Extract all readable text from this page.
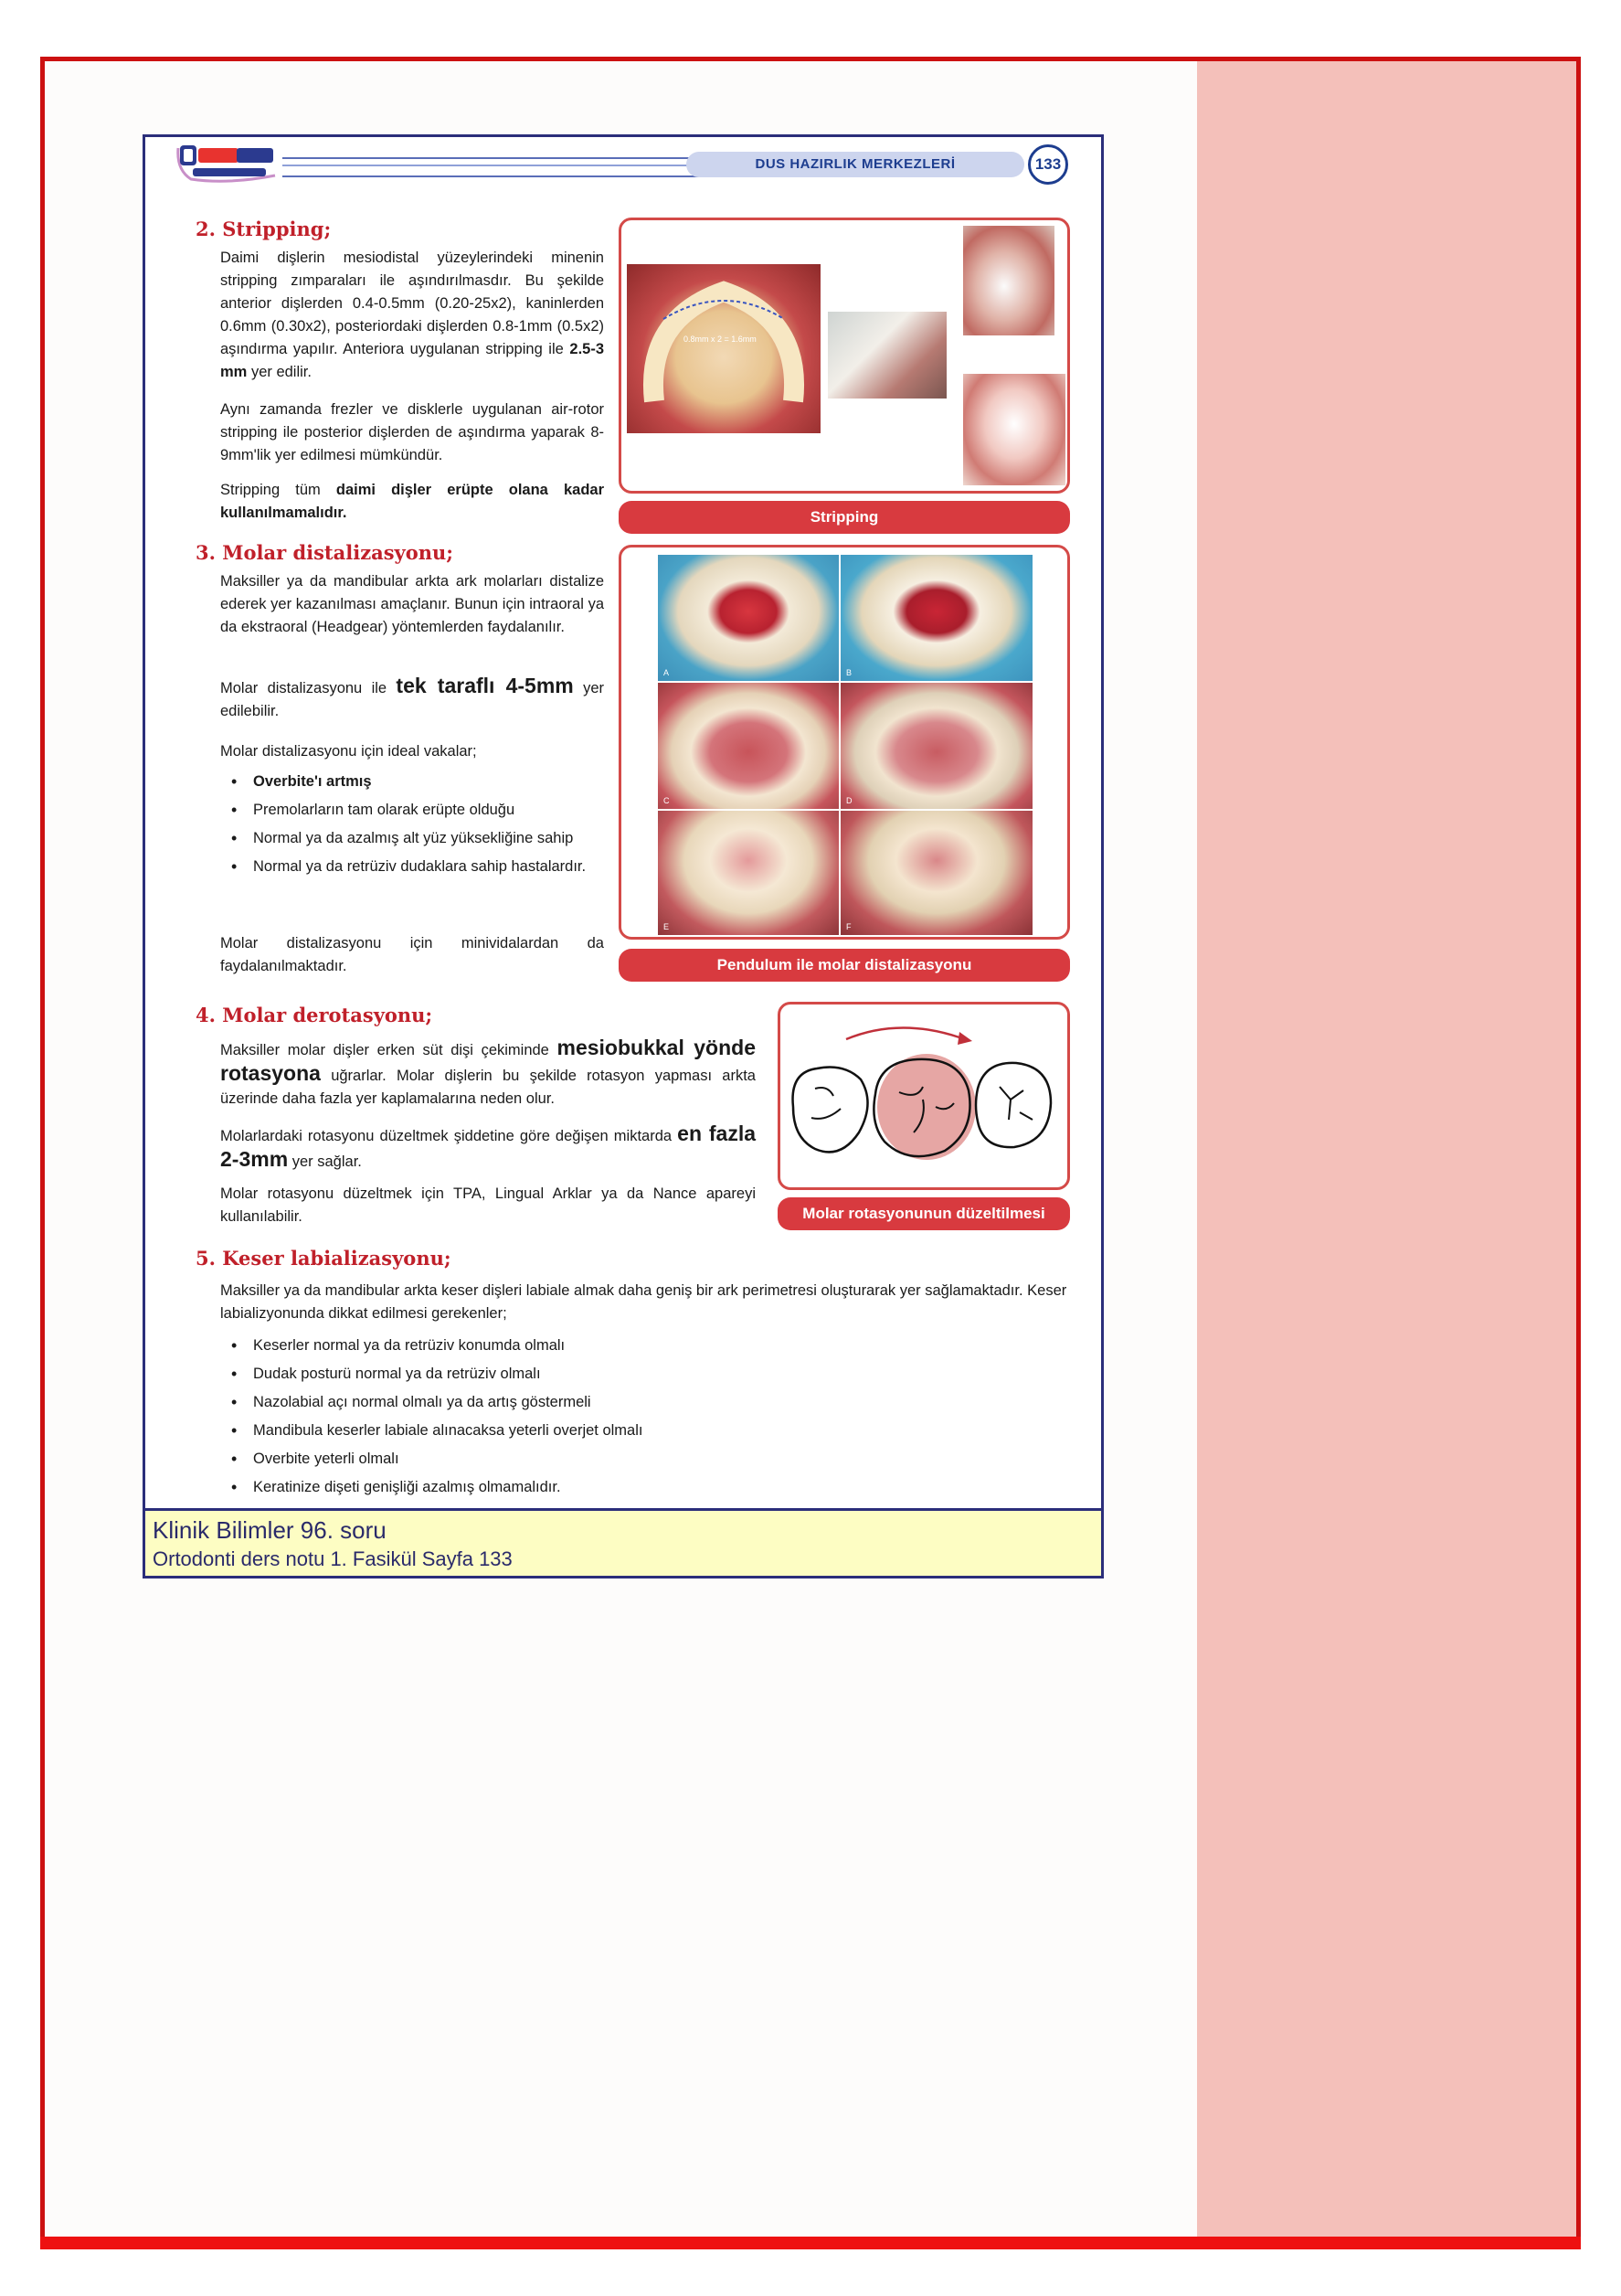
DUS HAZIRLIK MERKEZLERİ	133
2. Stripping;
Daimi dişlerin mesiodistal yüzeylerindeki minenin stripping zımparaları ile aşındırılmasdır. Bu şekilde anterior dişlerden 0.4-0.5mm (0.20-25x2), kaninlerden 0.6mm (0.30x2), posteriordaki dişlerden 0.8-1mm (0.5x2) aşındırma yapılır. Anteriora uygulanan stripping ile 2.5-3 mm yer edilir.
Aynı zamanda frezler ve disklerle uygulanan air-rotor stripping ile posterior dişlerden de aşındırma yaparak 8-9mm'lik yer edilmesi mümkündür.
Stripping tüm daimi dişler erüpte olana kadar kullanılmamalıdır.
0.8mm x 2 = 1.6mm
Stripping
3. Molar distalizasyonu;
Maksiller ya da mandibular arkta ark molarları distalize ederek yer kazanılması amaçlanır. Bunun için intraoral ya da ekstraoral (Headgear) yöntemlerden faydalanılır.
Molar distalizasyonu ile tek taraflı 4-5mm yer edilebilir.
Molar distalizasyonu için ideal vakalar;
• Overbite'ı artmış
• Premolarların tam olarak erüpte olduğu
• Normal ya da azalmış alt yüz yüksekliğine sahip
• Normal ya da retrüziv dudaklara sahip hastalardır.
Molar distalizasyonu için minividalardan da faydalanılmaktadır.
A	B
C	D
E	F
Pendulum ile molar distalizasyonu
4. Molar derotasyonu;
Maksiller molar dişler erken süt dişi çekiminde mesiobukkal yönde rotasyona uğrarlar. Molar dişlerin bu şekilde rotasyon yapması arkta üzerinde daha fazla yer kaplamalarına neden olur.
Molarlardaki rotasyonu düzeltmek şiddetine göre değişen miktarda en fazla 2-3mm yer sağlar.
Molar rotasyonu düzeltmek için TPA, Lingual Arklar ya da Nance apareyi kullanılabilir.	Molar rotasyonunun düzeltilmesi
5. Keser labializasyonu;
Maksiller ya da mandibular arkta keser dişleri labiale almak daha geniş bir ark perimetresi oluşturarak yer sağlamaktadır. Keser labializyonunda dikkat edilmesi gerekenler;
• Keserler normal ya da retrüziv konumda olmalı
• Dudak posturü normal ya da retrüziv olmalı
• Nazolabial açı normal olmalı ya da artış göstermeli
• Mandibula keserler labiale alınacaksa yeterli overjet olmalı
• Overbite yeterli olmalı
• Keratinize dişeti genişliği azalmış olmamalıdır.
Klinik Bilimler 96. soru
Ortodonti ders notu 1. Fasikül Sayfa 133
